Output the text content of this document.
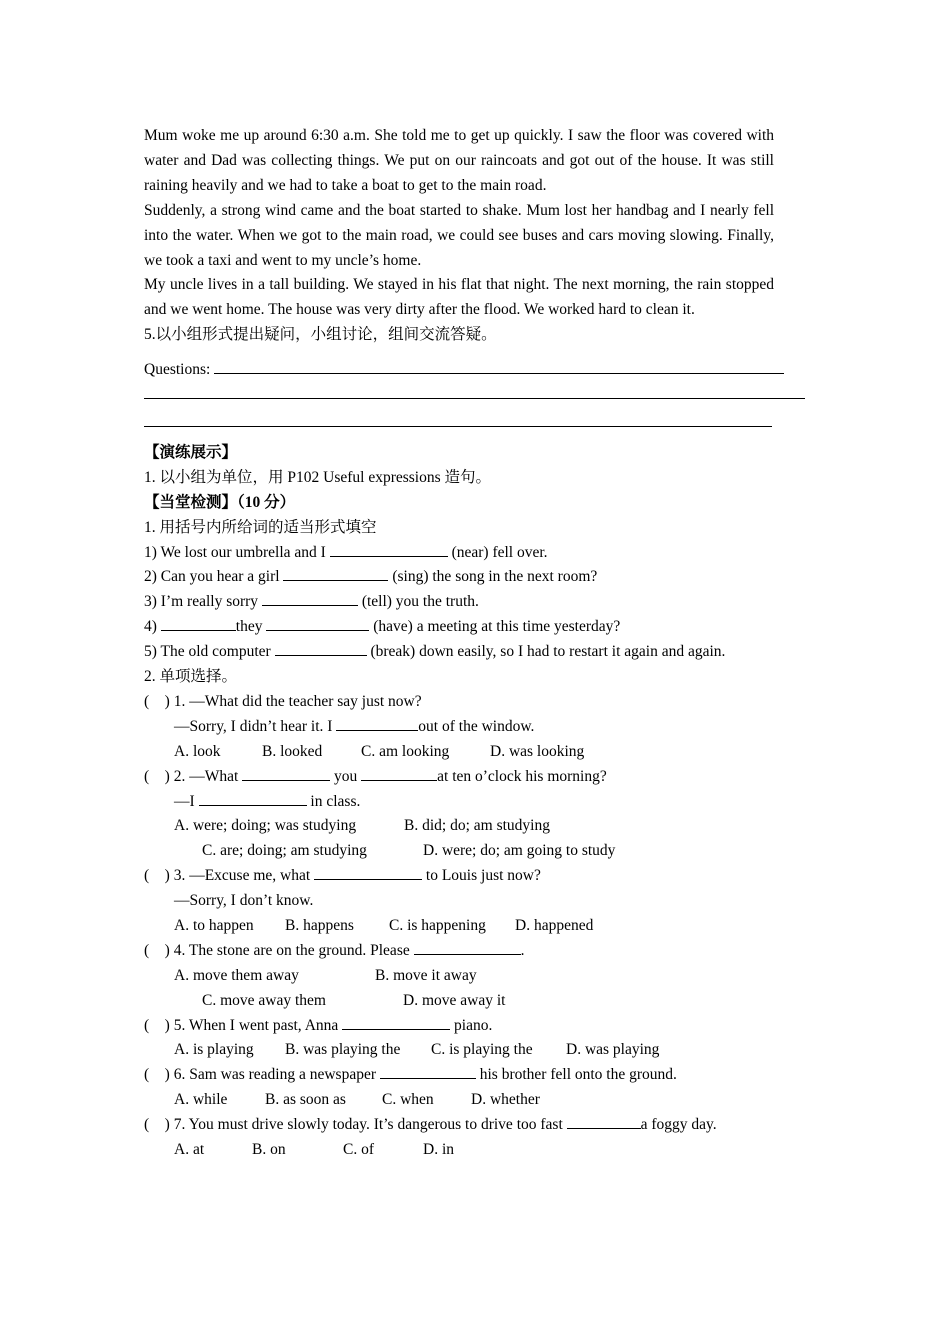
Mum woke me up around 6:30 a.m. She told me to get up quickly. I saw the floor was covered with water and Dad was collecting things. We put on our raincoats and got out of the house. It was still raining heavily and we had to take a boat to get to the main road.

Suddenly, a strong wind came and the boat started to shake. Mum lost her handbag and I nearly fell into the water. When we got to the main road, we could see buses and cars moving slowing. Finally, we took a taxi and went to my uncle’s home.

My uncle lives in a tall building. We stayed in his flat that night. The next morning, the rain stopped and we went home. The house was very dirty after the flood. We worked hard to clean it.

5.以小组形式提出疑问，小组讨论，组间交流答疑。
Questions:
【演练展示】
1. 以小组为单位，用 P102 Useful expressions 造句。
【当堂检测】（10 分）
1. 用括号内所给词的适当形式填空
1) We lost our umbrella and I	(near) fell over.
2) Can you hear a girl	(sing) the song in the next room?
3) I’m really sorry	(tell) you the truth.
4)	they	(have) a meeting at this time yesterday?
5) The old computer	(break) down easily, so I had to restart it again and again.
2. 单项选择。
(    ) 1. —What did the teacher say just now?
—Sorry, I didn’t hear it. I	out of the window.
A. look	B. looked C. am looking	D. was looking
(    ) 2. —What	you	at ten o’clock his morning?
—I	in class.
A. were; doing; was studying	B. did; do; am studying
C. are; doing; am studying	D. were; do; am going to study
(    ) 3. —Excuse me, what	to Louis just now?
—Sorry, I don’t know.
A. to happen B. happens C. is happening D. happened
(    ) 4. The stone are on the ground. Please	.
A. move them away	B. move it away
C. move away them	D. move away it
(    ) 5. When I went past, Anna	piano.
A. is playing B. was playing the C. is playing the D. was playing
(    ) 6. Sam was reading a newspaper	his brother fell onto the ground.
A. while B. as soon as C. when D. whether
(    ) 7. You must drive slowly today. It’s dangerous to drive too fast	a foggy day.
A. at	B. on	C. of	D. in
